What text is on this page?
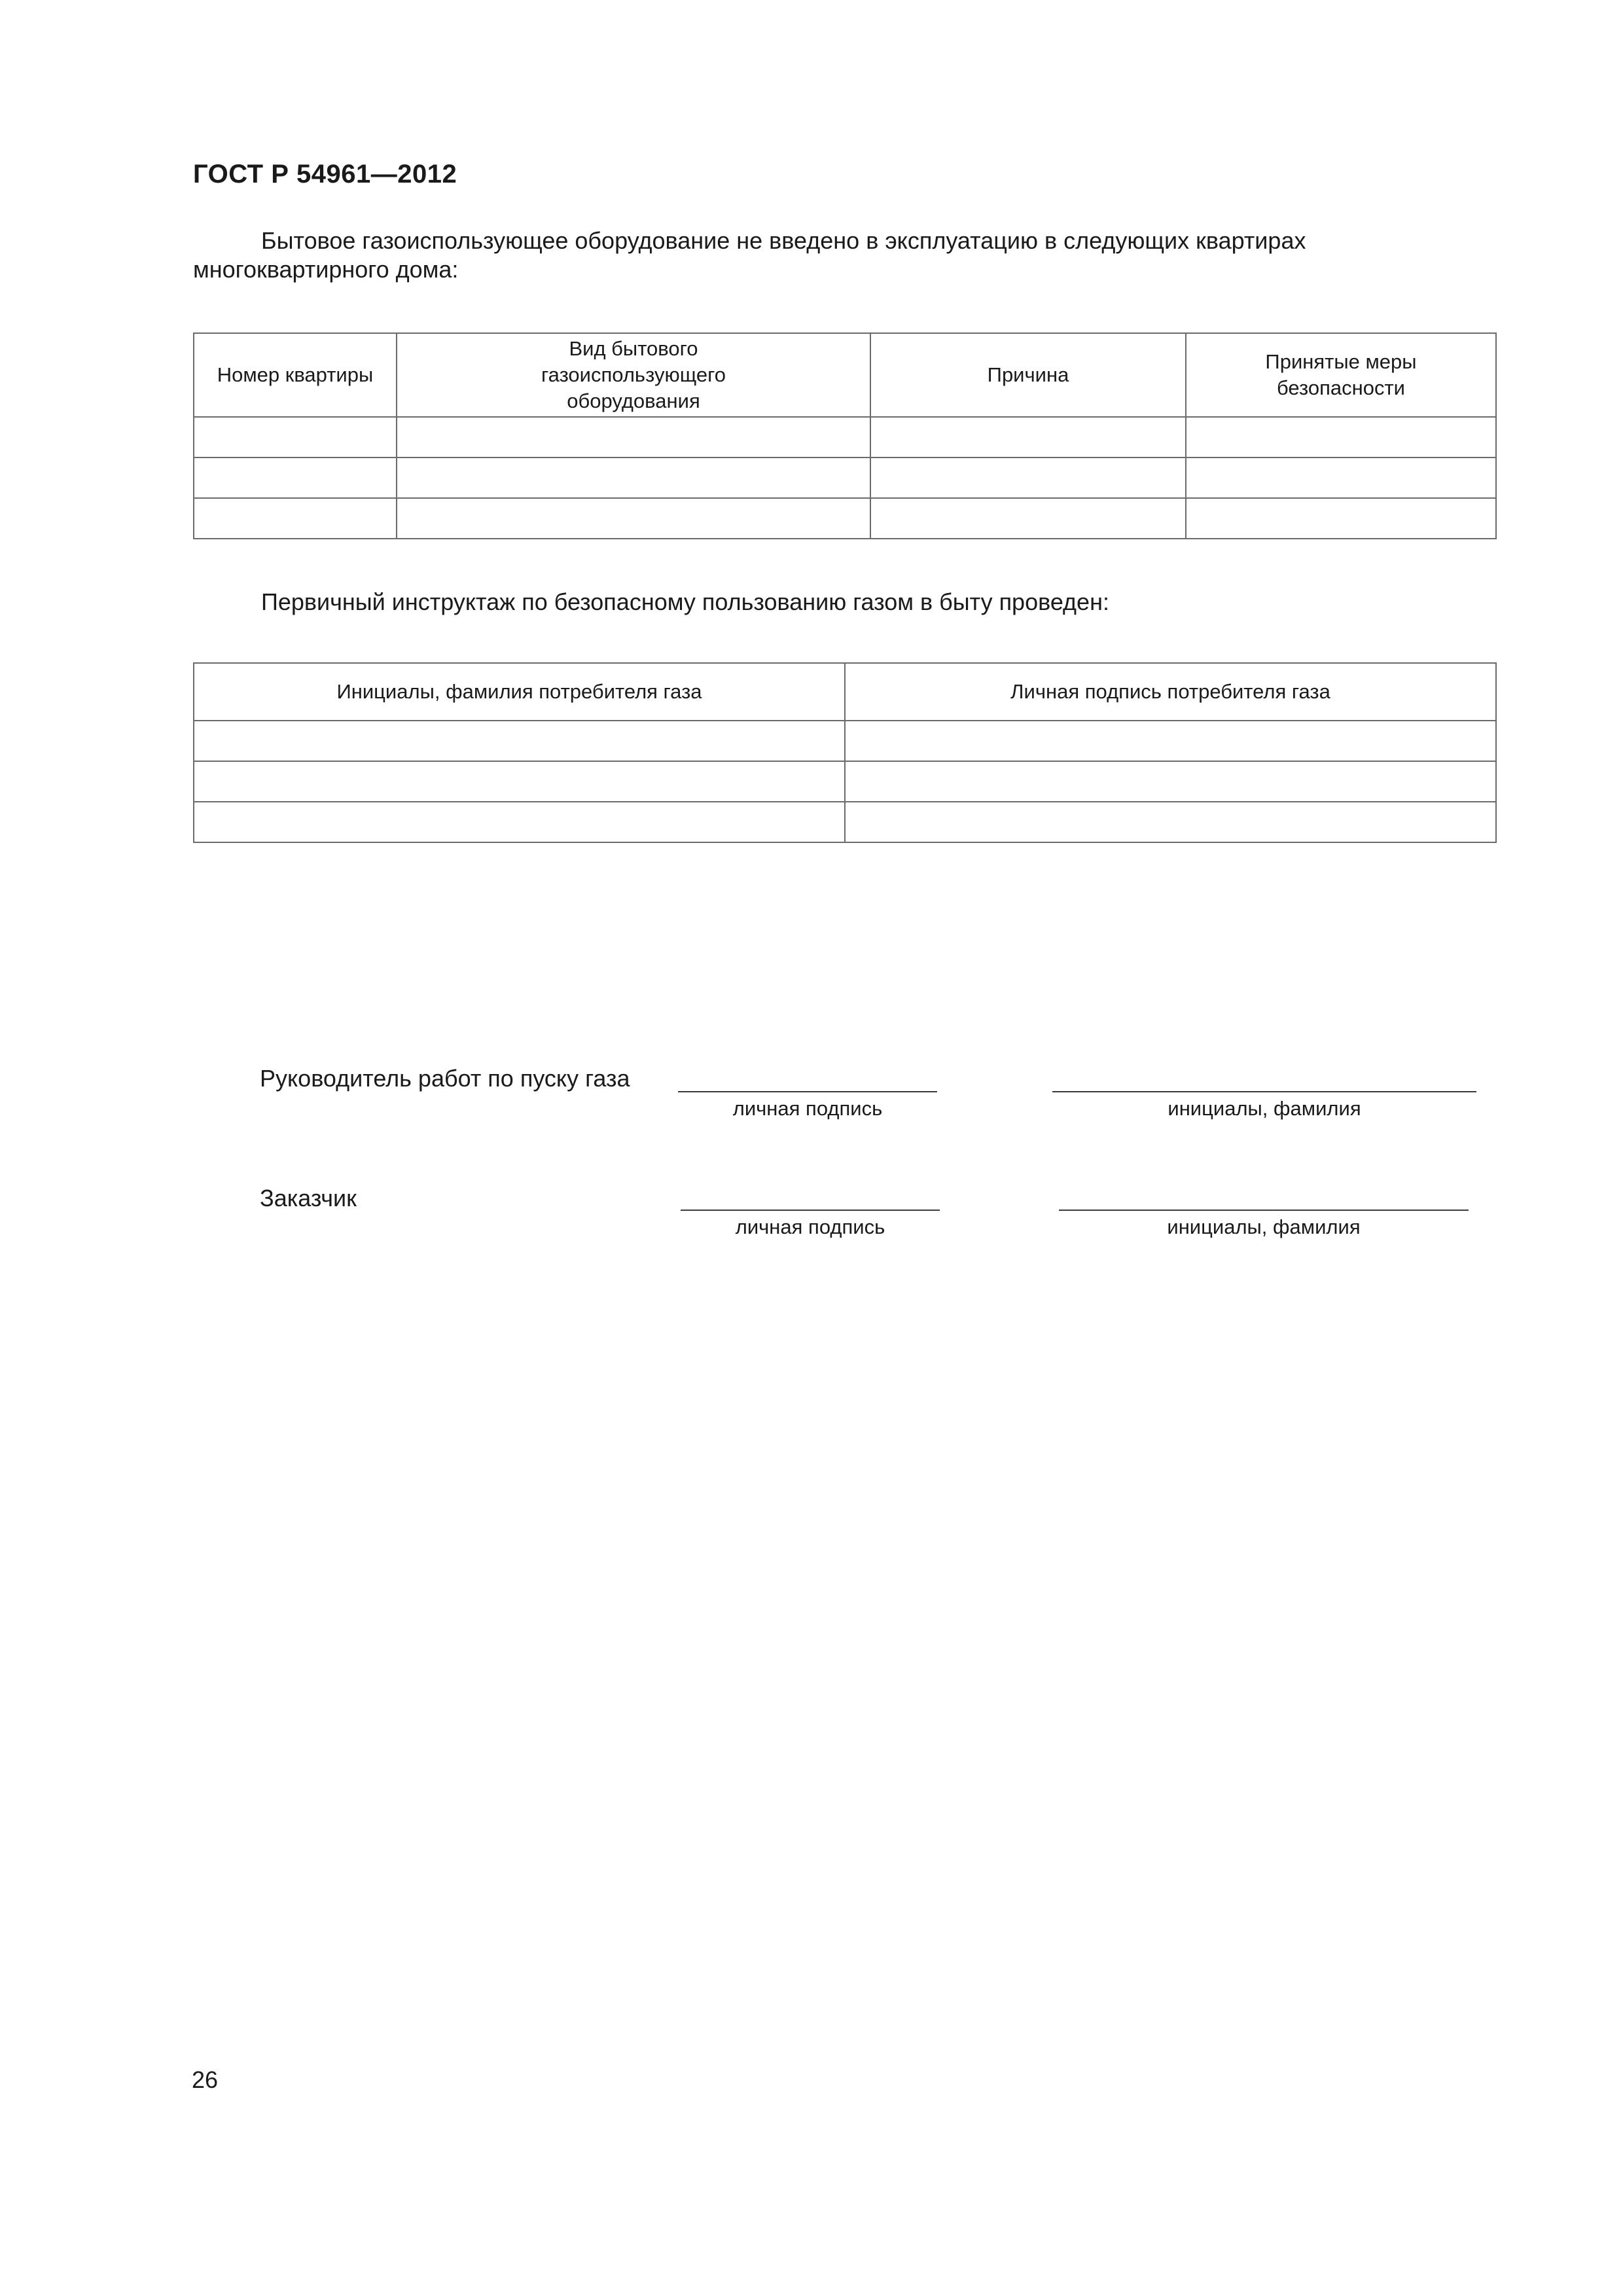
ГОСТ Р 54961—2012
Бытовое газоиспользующее оборудование не введено в эксплуатацию в следующих квартирах многоквартирного дома:
Номер квартиры	Вид бытового газоиспользующего оборудования	Причина	Принятые меры безопасности

Первичный инструктаж по безопасному пользованию газом в быту проведен:
Инициалы, фамилия потребителя газа	Личная подпись потребителя газа

Руководитель работ по пуску газа
личная подпись	инициалы, фамилия
Заказчик
личная подпись	инициалы, фамилия
26
